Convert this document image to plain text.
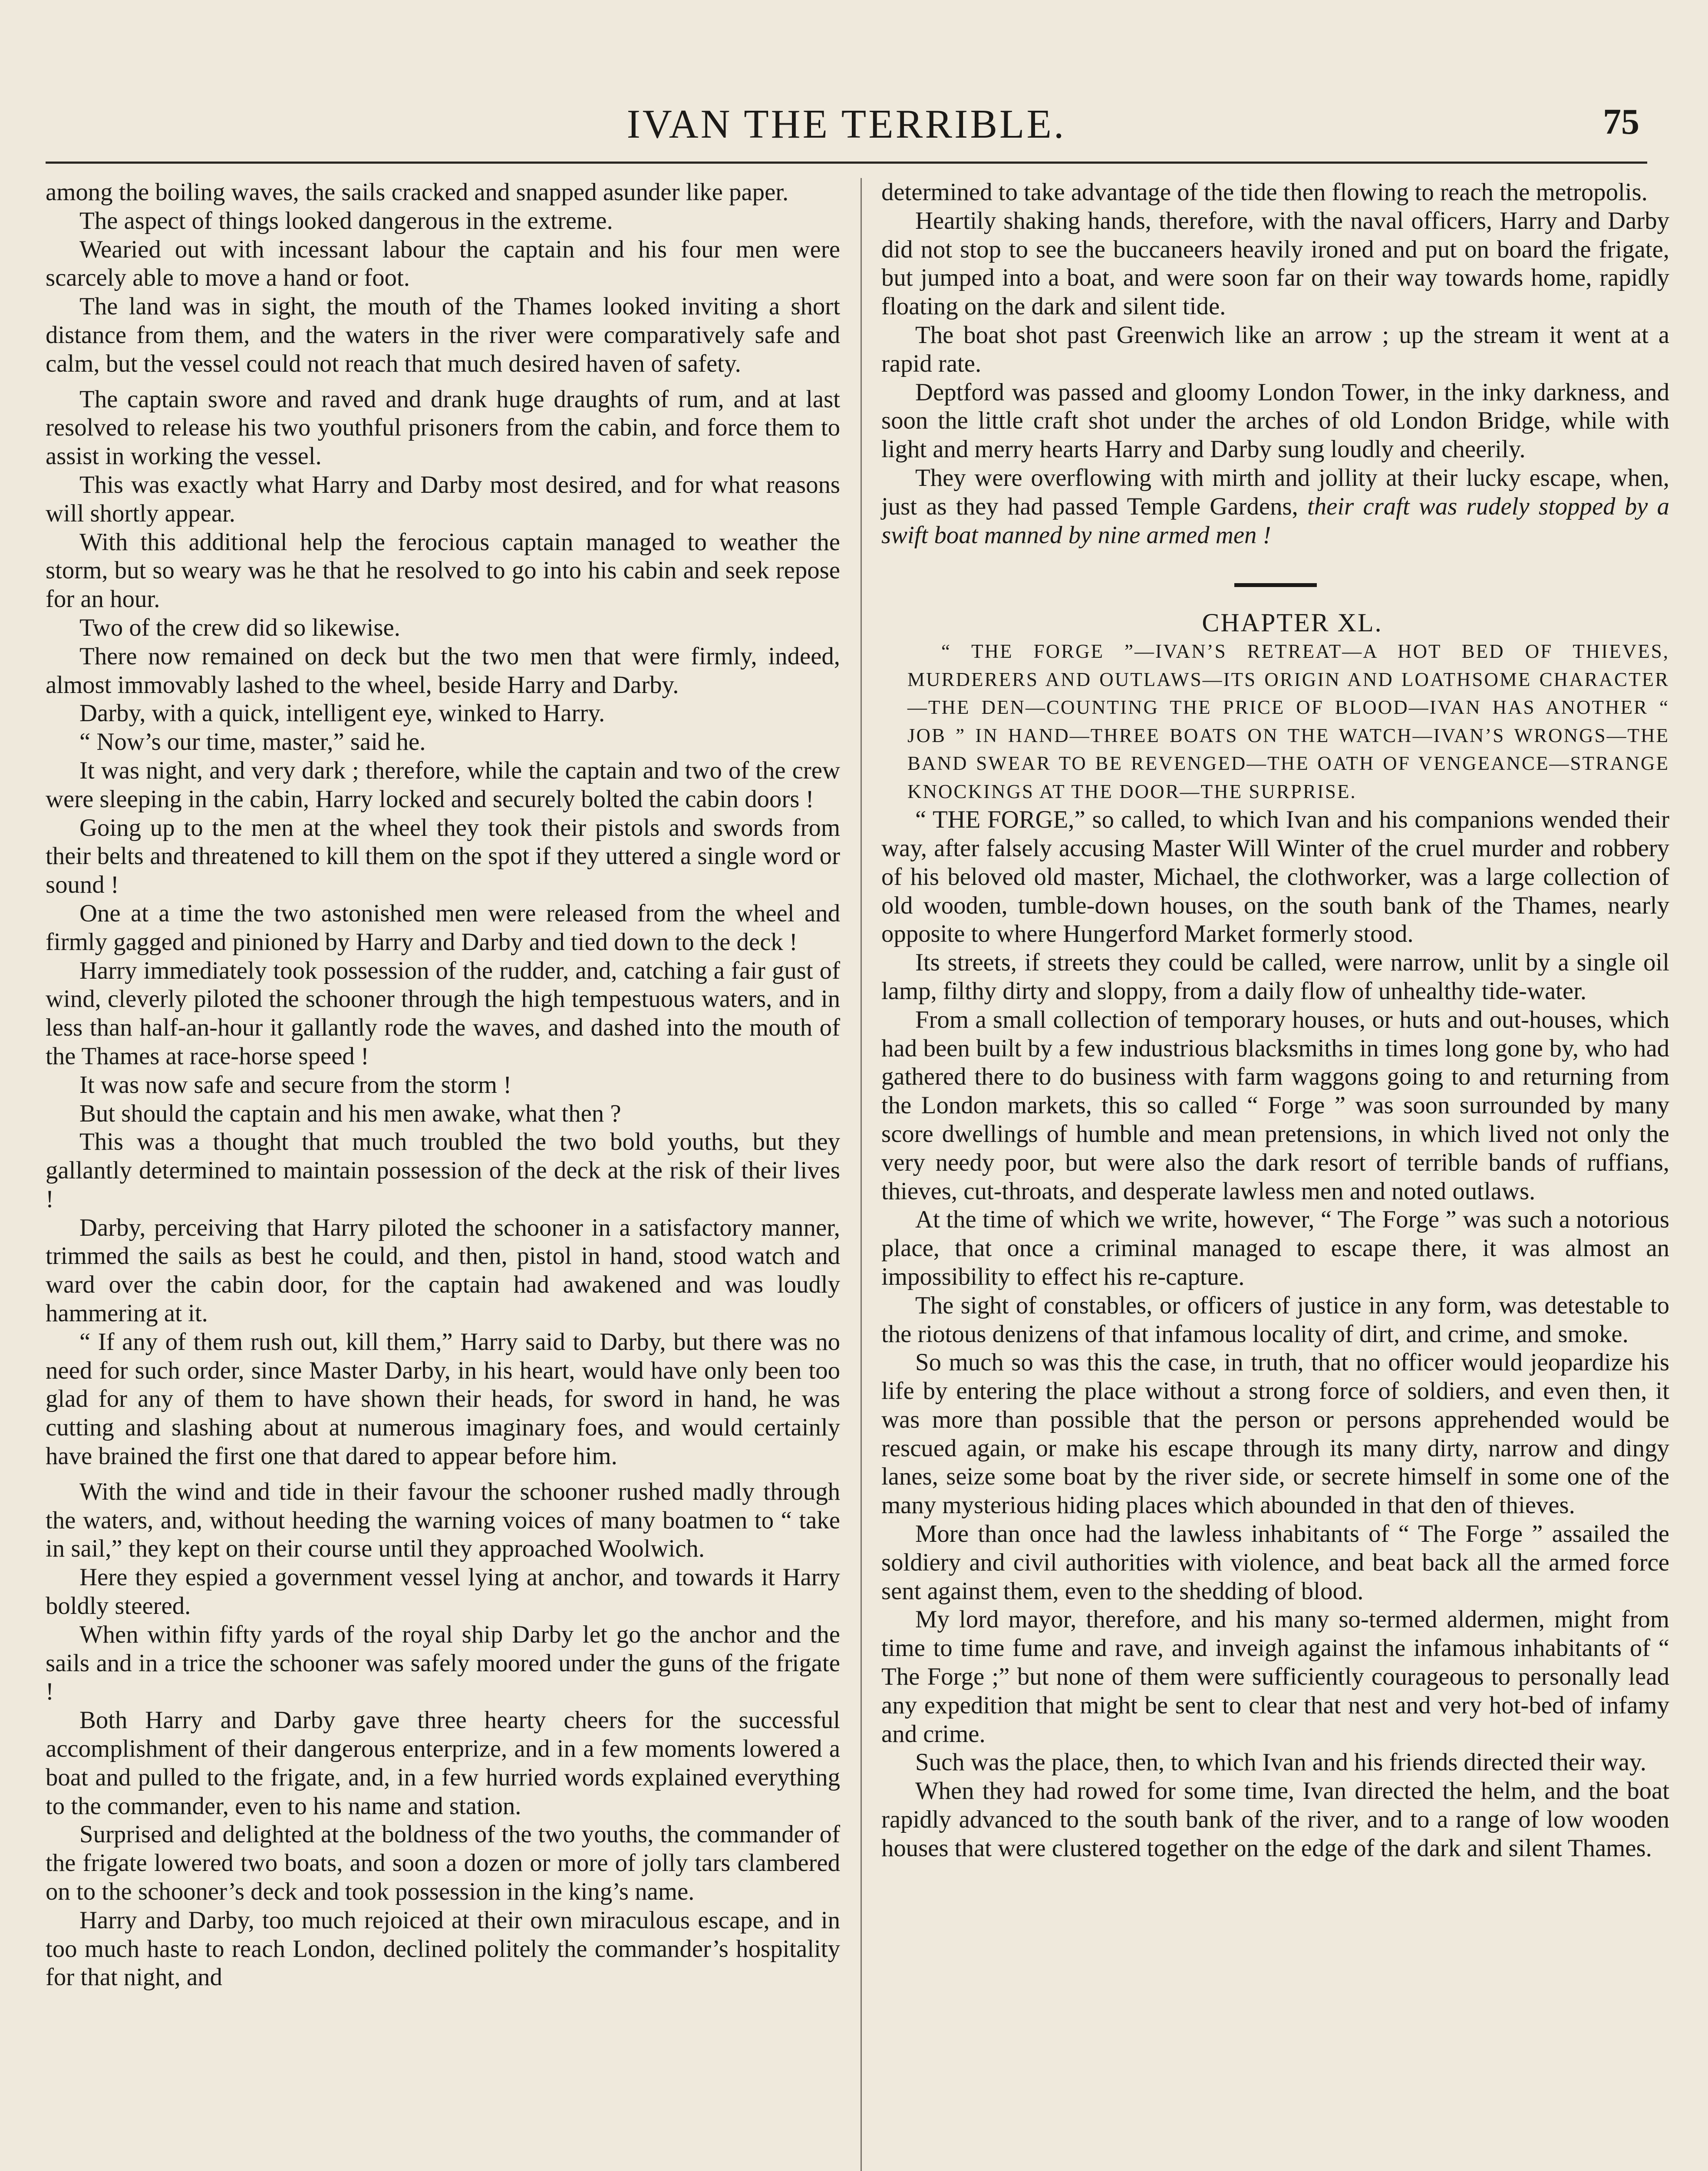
IVAN THE TERRIBLE.	75

among the boiling waves, the sails cracked and snapped asunder like paper.

The aspect of things looked dangerous in the extreme.

Wearied out with incessant labour the captain and his four men were scarcely able to move a hand or foot.

The land was in sight, the mouth of the Thames looked inviting a short distance from them, and the waters in the river were comparatively safe and calm, but the vessel could not reach that much desired haven of safety.

The captain swore and raved and drank huge draughts of rum, and at last resolved to release his two youthful prisoners from the cabin, and force them to assist in working the vessel.

This was exactly what Harry and Darby most desired, and for what reasons will shortly appear.

With this additional help the ferocious captain managed to weather the storm, but so weary was he that he resolved to go into his cabin and seek repose for an hour.

Two of the crew did so likewise.

There now remained on deck but the two men that were firmly, indeed, almost immovably lashed to the wheel, beside Harry and Darby.

Darby, with a quick, intelligent eye, winked to Harry.

“ Now’s our time, master,” said he.

It was night, and very dark ; therefore, while the captain and two of the crew were sleeping in the cabin, Harry locked and securely bolted the cabin doors !

Going up to the men at the wheel they took their pistols and swords from their belts and threatened to kill them on the spot if they uttered a single word or sound !

One at a time the two astonished men were released from the wheel and firmly gagged and pinioned by Harry and Darby and tied down to the deck !

Harry immediately took possession of the rudder, and, catching a fair gust of wind, cleverly piloted the schooner through the high tempestuous waters, and in less than half-an-hour it gallantly rode the waves, and dashed into the mouth of the Thames at race-horse speed !

It was now safe and secure from the storm !

But should the captain and his men awake, what then ?

This was a thought that much troubled the two bold youths, but they gallantly determined to maintain possession of the deck at the risk of their lives !

Darby, perceiving that Harry piloted the schooner in a satisfactory manner, trimmed the sails as best he could, and then, pistol in hand, stood watch and ward over the cabin door, for the captain had awakened and was loudly hammering at it.

“ If any of them rush out, kill them,” Harry said to Darby, but there was no need for such order, since Master Darby, in his heart, would have only been too glad for any of them to have shown their heads, for sword in hand, he was cutting and slashing about at numerous imaginary foes, and would certainly have brained the first one that dared to appear before him.

With the wind and tide in their favour the schooner rushed madly through the waters, and, without heeding the warning voices of many boatmen to “ take in sail,” they kept on their course until they approached Woolwich.

Here they espied a government vessel lying at anchor, and towards it Harry boldly steered.

When within fifty yards of the royal ship Darby let go the anchor and the sails and in a trice the schooner was safely moored under the guns of the frigate !

Both Harry and Darby gave three hearty cheers for the successful accomplishment of their dangerous enterprize, and in a few moments lowered a boat and pulled to the frigate, and, in a few hurried words explained everything to the commander, even to his name and station.

Surprised and delighted at the boldness of the two youths, the commander of the frigate lowered two boats, and soon a dozen or more of jolly tars clambered on to the schooner’s deck and took possession in the king’s name.

Harry and Darby, too much rejoiced at their own miraculous escape, and in too much haste to reach London, declined politely the commander’s hospitality for that night, and

determined to take advantage of the tide then flowing to reach the metropolis.

Heartily shaking hands, therefore, with the naval officers, Harry and Darby did not stop to see the buccaneers heavily ironed and put on board the frigate, but jumped into a boat, and were soon far on their way towards home, rapidly floating on the dark and silent tide.

The boat shot past Greenwich like an arrow ; up the stream it went at a rapid rate.

Deptford was passed and gloomy London Tower, in the inky darkness, and soon the little craft shot under the arches of old London Bridge, while with light and merry hearts Harry and Darby sung loudly and cheerily.

They were overflowing with mirth and jollity at their lucky escape, when, just as they had passed Temple Gardens, their craft was rudely stopped by a swift boat manned by nine armed men !

CHAPTER XL.

“ THE FORGE ”—IVAN’S RETREAT—A HOT BED OF THIEVES, MURDERERS AND OUTLAWS—ITS ORIGIN AND LOATHSOME CHARACTER—THE DEN—COUNTING THE PRICE OF BLOOD—IVAN HAS ANOTHER “ JOB ” IN HAND—THREE BOATS ON THE WATCH—IVAN’S WRONGS—THE BAND SWEAR TO BE REVENGED—THE OATH OF VENGEANCE—STRANGE KNOCKINGS AT THE DOOR—THE SURPRISE.

“ THE FORGE,” so called, to which Ivan and his companions wended their way, after falsely accusing Master Will Winter of the cruel murder and robbery of his beloved old master, Michael, the clothworker, was a large collection of old wooden, tumble-down houses, on the south bank of the Thames, nearly opposite to where Hungerford Market formerly stood.

Its streets, if streets they could be called, were narrow, unlit by a single oil lamp, filthy dirty and sloppy, from a daily flow of unhealthy tide-water.

From a small collection of temporary houses, or huts and out-houses, which had been built by a few industrious blacksmiths in times long gone by, who had gathered there to do business with farm waggons going to and returning from the London markets, this so called “ Forge ” was soon surrounded by many score dwellings of humble and mean pretensions, in which lived not only the very needy poor, but were also the dark resort of terrible bands of ruffians, thieves, cut-throats, and desperate lawless men and noted outlaws.

At the time of which we write, however, “ The Forge ” was such a notorious place, that once a criminal managed to escape there, it was almost an impossibility to effect his re-capture.

The sight of constables, or officers of justice in any form, was detestable to the riotous denizens of that infamous locality of dirt, and crime, and smoke.

So much so was this the case, in truth, that no officer would jeopardize his life by entering the place without a strong force of soldiers, and even then, it was more than possible that the person or persons apprehended would be rescued again, or make his escape through its many dirty, narrow and dingy lanes, seize some boat by the river side, or secrete himself in some one of the many mysterious hiding places which abounded in that den of thieves.

More than once had the lawless inhabitants of “ The Forge ” assailed the soldiery and civil authorities with violence, and beat back all the armed force sent against them, even to the shedding of blood.

My lord mayor, therefore, and his many so-termed aldermen, might from time to time fume and rave, and inveigh against the infamous inhabitants of “ The Forge ;” but none of them were sufficiently courageous to personally lead any expedition that might be sent to clear that nest and very hot-bed of infamy and crime.

Such was the place, then, to which Ivan and his friends directed their way.

When they had rowed for some time, Ivan directed the helm, and the boat rapidly advanced to the south bank of the river, and to a range of low wooden houses that were clustered together on the edge of the dark and silent Thames.
